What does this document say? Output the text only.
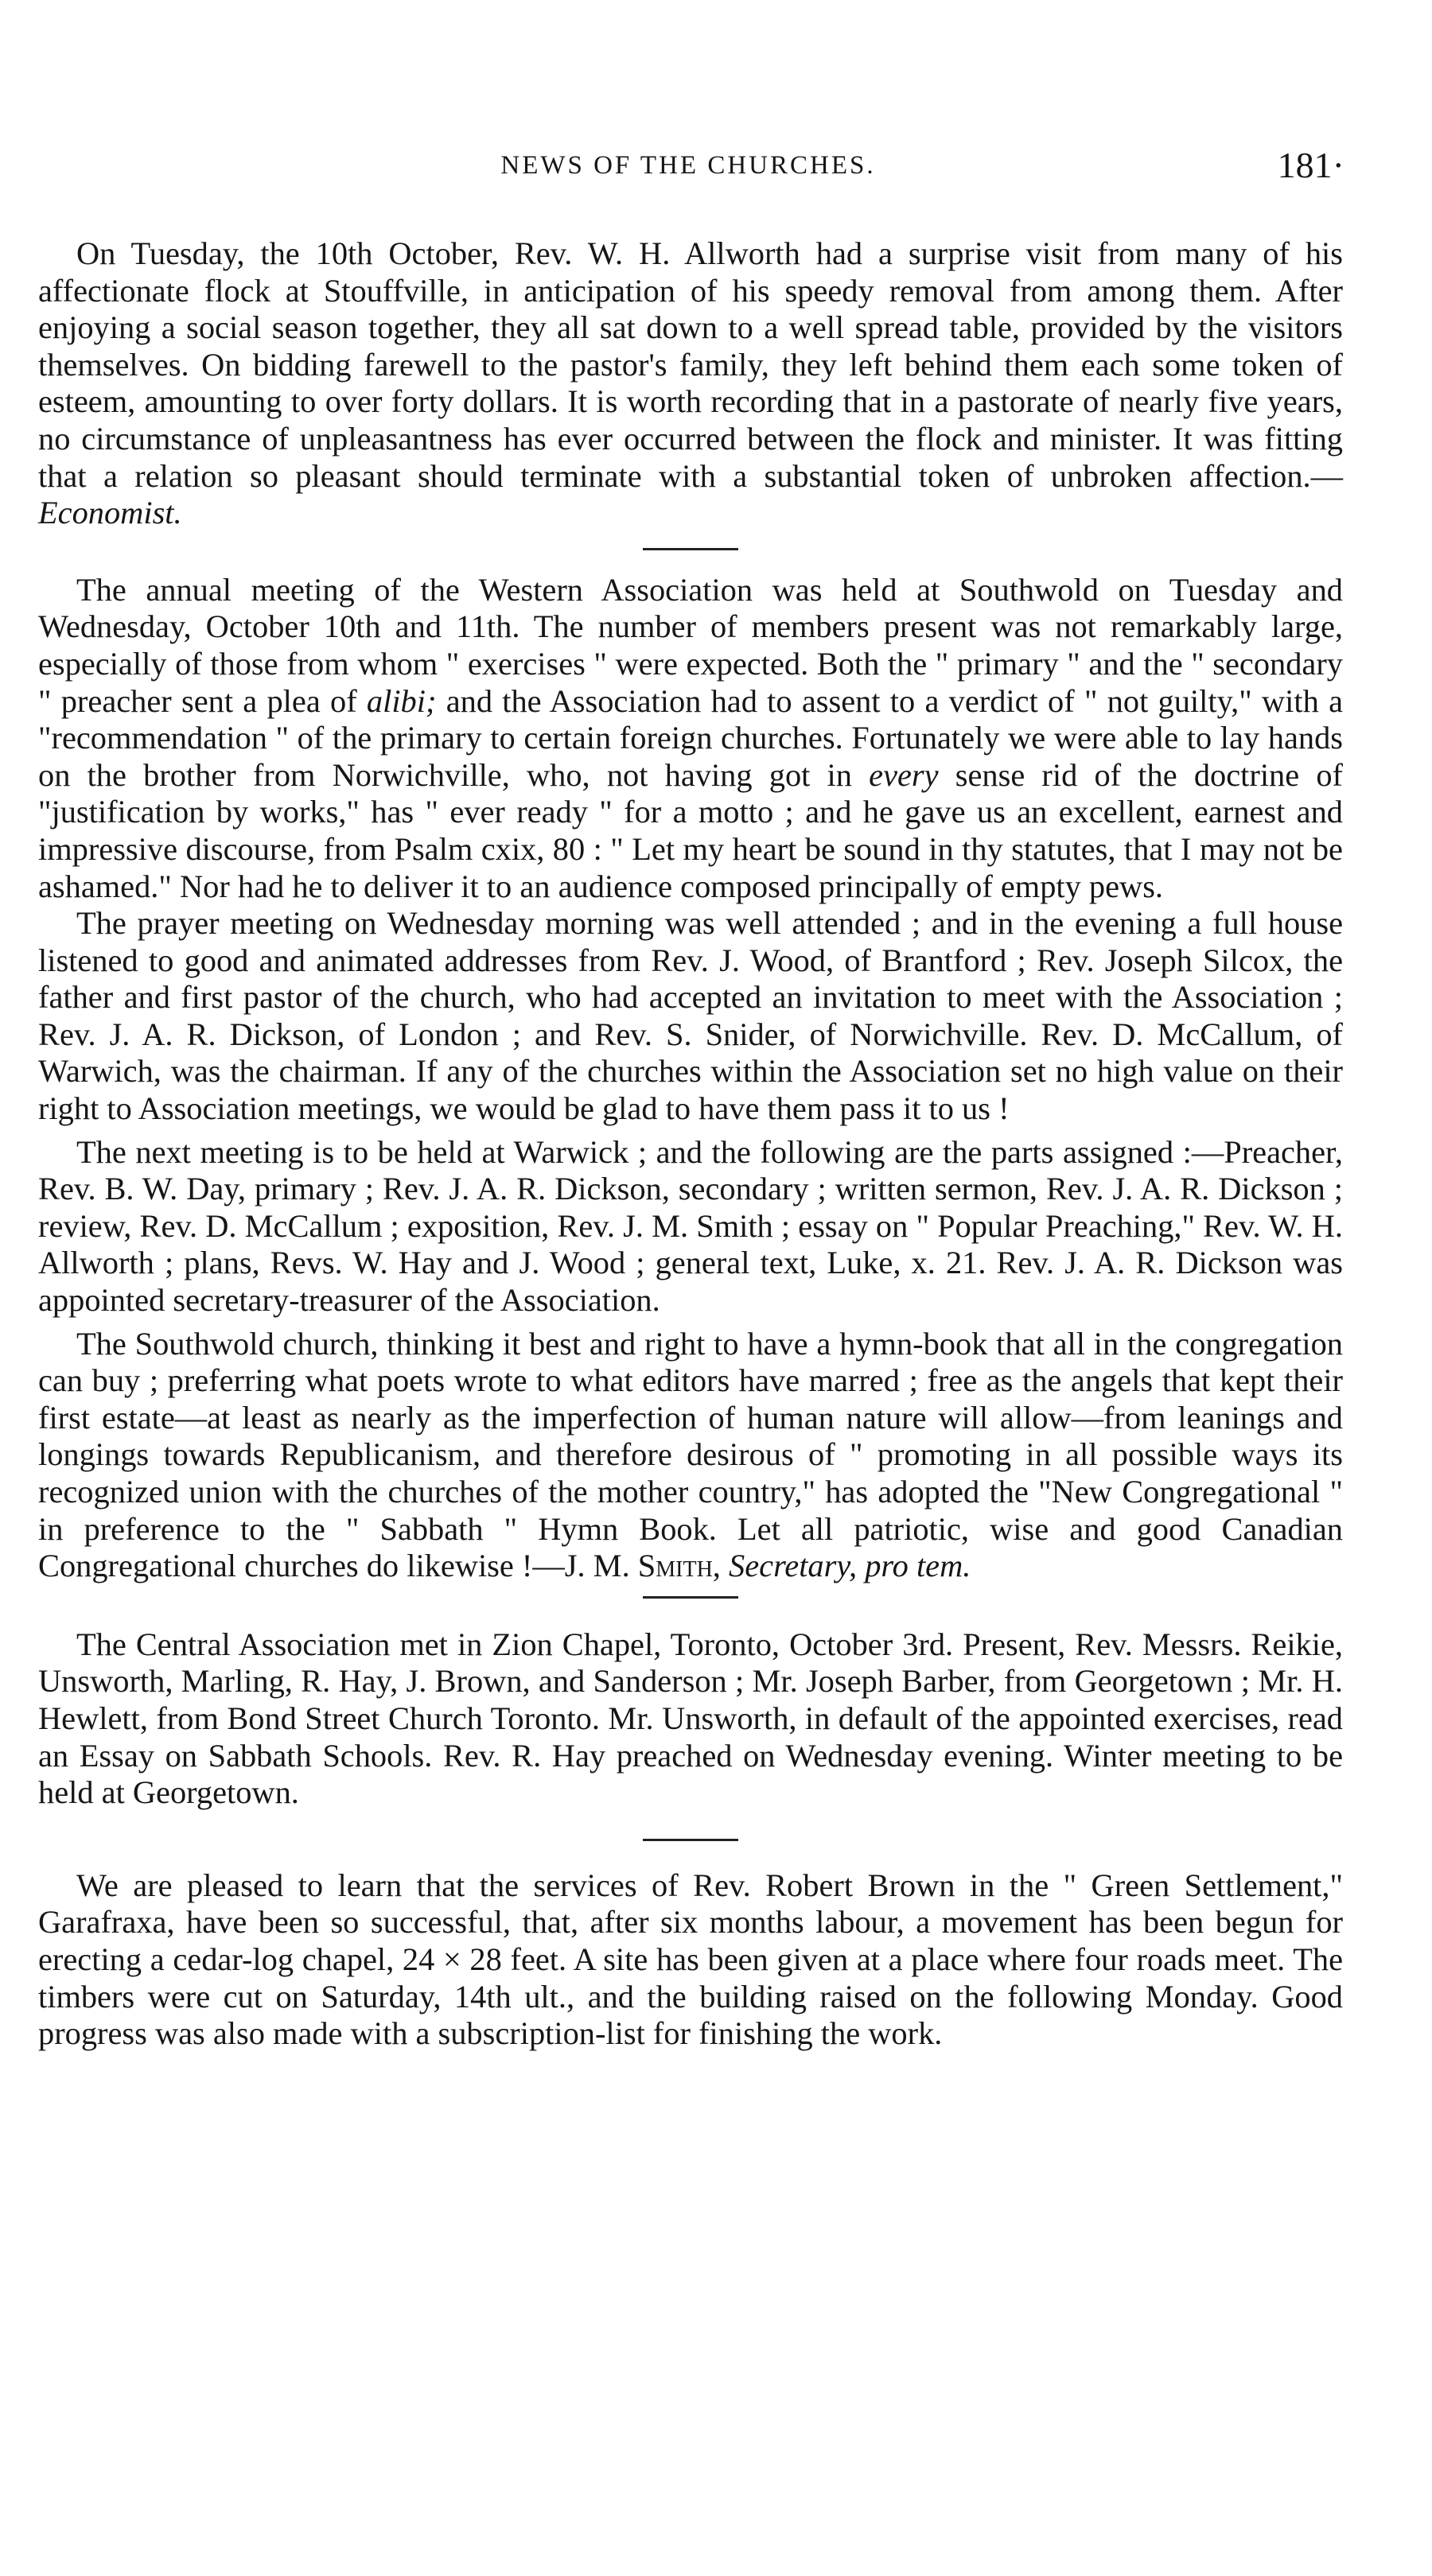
NEWS OF THE CHURCHES.	181·

On Tuesday, the 10th October, Rev. W. H. Allworth had a surprise visit from many of his affectionate flock at Stouffville, in anticipation of his speedy removal from among them. After enjoying a social season together, they all sat down to a well spread table, provided by the visitors themselves. On bidding farewell to the pastor's family, they left behind them each some token of esteem, amounting to over forty dollars. It is worth recording that in a pastorate of nearly five years, no circumstance of unpleasantness has ever occurred between the flock and minister. It was fitting that a relation so pleasant should terminate with a substantial token of unbroken affection.—Economist.

The annual meeting of the Western Association was held at Southwold on Tuesday and Wednesday, October 10th and 11th. The number of members present was not remarkably large, especially of those from whom " exercises " were expected. Both the " primary " and the " secondary " preacher sent a plea of alibi; and the Association had to assent to a verdict of " not guilty," with a "recommendation " of the primary to certain foreign churches. Fortunately we were able to lay hands on the brother from Norwichville, who, not having got in every sense rid of the doctrine of "justification by works," has " ever ready " for a motto ; and he gave us an excellent, earnest and impressive discourse, from Psalm cxix, 80 : " Let my heart be sound in thy statutes, that I may not be ashamed." Nor had he to deliver it to an audience composed principally of empty pews.

The prayer meeting on Wednesday morning was well attended ; and in the evening a full house listened to good and animated addresses from Rev. J. Wood, of Brantford ; Rev. Joseph Silcox, the father and first pastor of the church, who had accepted an invitation to meet with the Association ; Rev. J. A. R. Dickson, of London ; and Rev. S. Snider, of Norwichville. Rev. D. McCallum, of Warwich, was the chairman. If any of the churches within the Association set no high value on their right to Association meetings, we would be glad to have them pass it to us !

The next meeting is to be held at Warwick ; and the following are the parts assigned :—Preacher, Rev. B. W. Day, primary ; Rev. J. A. R. Dickson, secondary ; written sermon, Rev. J. A. R. Dickson ; review, Rev. D. McCallum ; exposition, Rev. J. M. Smith ; essay on " Popular Preaching," Rev. W. H. Allworth ; plans, Revs. W. Hay and J. Wood ; general text, Luke, x. 21. Rev. J. A. R. Dickson was appointed secretary-treasurer of the Association.

The Southwold church, thinking it best and right to have a hymn-book that all in the congregation can buy ; preferring what poets wrote to what editors have marred ; free as the angels that kept their first estate—at least as nearly as the imperfection of human nature will allow—from leanings and longings towards Republicanism, and therefore desirous of " promoting in all possible ways its recognized union with the churches of the mother country," has adopted the "New Congregational " in preference to the " Sabbath " Hymn Book. Let all patriotic, wise and good Canadian Congregational churches do likewise !—J. M. Smith, Secretary, pro tem.

The Central Association met in Zion Chapel, Toronto, October 3rd. Present, Rev. Messrs. Reikie, Unsworth, Marling, R. Hay, J. Brown, and Sanderson ; Mr. Joseph Barber, from Georgetown ; Mr. H. Hewlett, from Bond Street Church Toronto. Mr. Unsworth, in default of the appointed exercises, read an Essay on Sabbath Schools. Rev. R. Hay preached on Wednesday evening. Winter meeting to be held at Georgetown.

We are pleased to learn that the services of Rev. Robert Brown in the " Green Settlement," Garafraxa, have been so successful, that, after six months labour, a movement has been begun for erecting a cedar-log chapel, 24 × 28 feet. A site has been given at a place where four roads meet. The timbers were cut on Saturday, 14th ult., and the building raised on the following Monday. Good progress was also made with a subscription-list for finishing the work.
